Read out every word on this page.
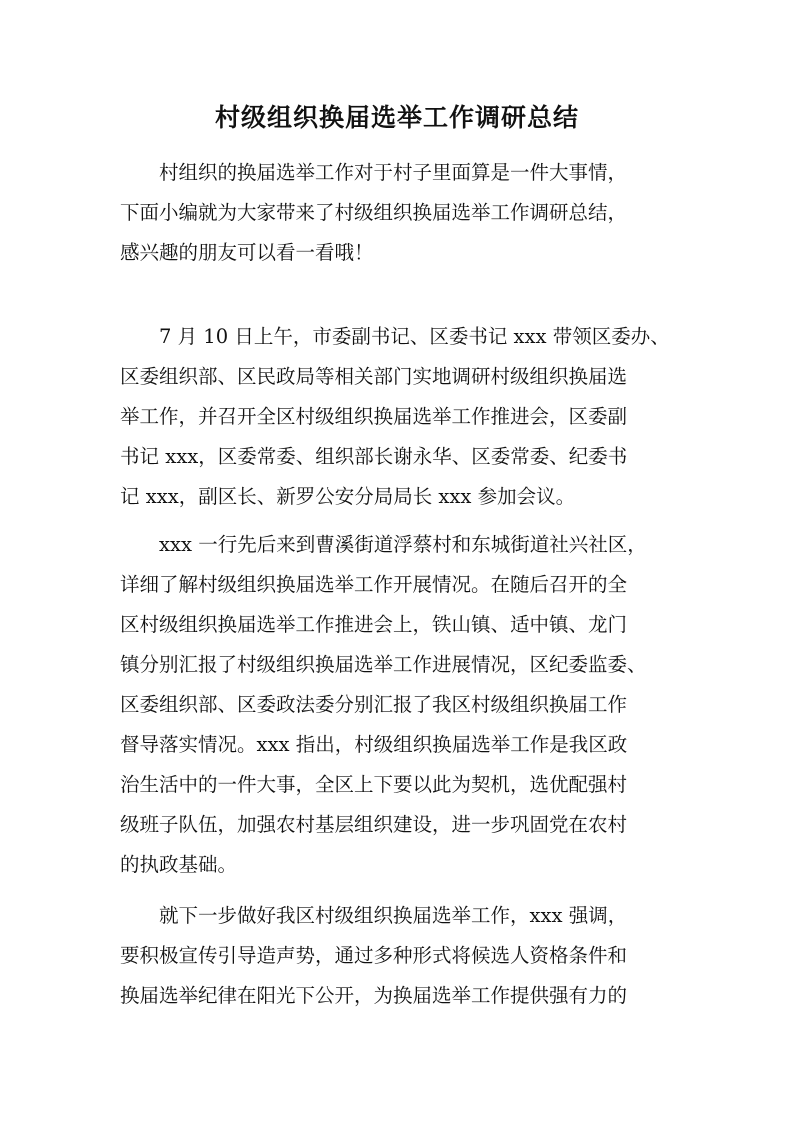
村级组织换届选举工作调研总结
村组织的换届选举工作对于村子里面算是一件大事情，
下面小编就为大家带来了村级组织换届选举工作调研总结，
感兴趣的朋友可以看一看哦！
7 月 10 日上午，市委副书记、区委书记 xxx 带领区委办、
区委组织部、区民政局等相关部门实地调研村级组织换届选
举工作，并召开全区村级组织换届选举工作推进会，区委副
书记 xxx，区委常委、组织部长谢永华、区委常委、纪委书
记 xxx，副区长、新罗公安分局局长 xxx 参加会议。
xxx 一行先后来到曹溪街道浮蔡村和东城街道社兴社区，
详细了解村级组织换届选举工作开展情况。在随后召开的全
区村级组织换届选举工作推进会上，铁山镇、适中镇、龙门
镇分别汇报了村级组织换届选举工作进展情况，区纪委监委、
区委组织部、区委政法委分别汇报了我区村级组织换届工作
督导落实情况。xxx 指出，村级组织换届选举工作是我区政
治生活中的一件大事，全区上下要以此为契机，选优配强村
级班子队伍，加强农村基层组织建设，进一步巩固党在农村
的执政基础。
就下一步做好我区村级组织换届选举工作，xxx 强调，
要积极宣传引导造声势，通过多种形式将候选人资格条件和
换届选举纪律在阳光下公开，为换届选举工作提供强有力的
